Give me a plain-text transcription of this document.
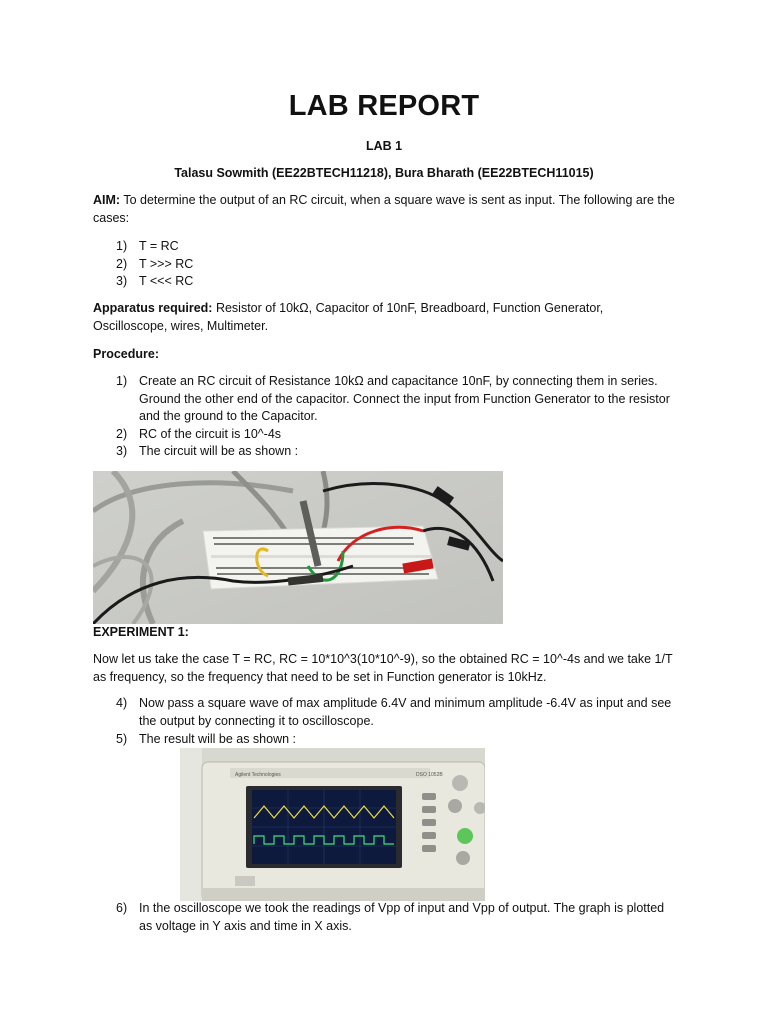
LAB REPORT
LAB 1
Talasu Sowmith (EE22BTECH11218), Bura Bharath (EE22BTECH11015)
AIM: To determine the output of an RC circuit, when a square wave is sent as input. The following are the cases:
1) T = RC
2) T >>> RC
3) T <<< RC
Apparatus required: Resistor of 10kΩ, Capacitor of 10nF, Breadboard, Function Generator, Oscilloscope, wires, Multimeter.
Procedure:
1) Create an RC circuit of Resistance 10kΩ and capacitance 10nF, by connecting them in series. Ground the other end of the capacitor. Connect the input from Function Generator to the resistor and the ground to the Capacitor.
2) RC of the circuit is 10^-4s
3) The circuit will be as shown :
EXPERIMENT 1:
Now let us take the case T = RC, RC = 10*10^3(10*10^-9), so the obtained RC = 10^-4s and we take 1/T as frequency, so the frequency that need to be set in Function generator is 10kHz.
4) Now pass a square wave of max amplitude 6.4V and minimum amplitude -6.4V as input and see the output by connecting it to oscilloscope.
5) The result will be as shown :
Agilent Technologies	DSO 1052B
6) In the oscilloscope we took the readings of Vpp of input and Vpp of output. The graph is plotted as voltage in Y axis and time in X axis.
